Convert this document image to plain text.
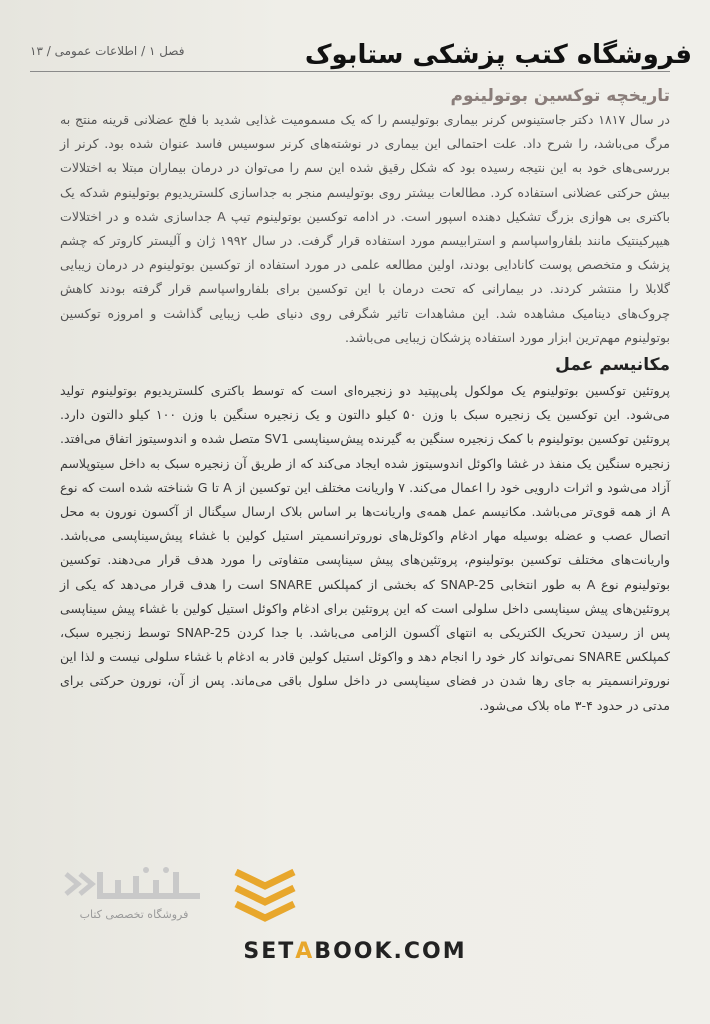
فصل ۱ / اطلاعات عمومی / ۱۳	فروشگاه کتب پزشکی ستابوک
تاریخچه توکسین بوتولینوم
در سال ۱۸۱۷ دکتر جاستینوس کرنر بیماری بوتولیسم را که یک مسمومیت غذایی شدید با فلج عضلانی قرینه منتج به مرگ می‌باشد، را شرح داد. علت احتمالی این بیماری در نوشته‌های کرنر سوسیس فاسد عنوان شده بود. کرنر از بررسی‌های خود به این نتیجه رسیده بود که شکل رقیق شده این سم را می‌توان در درمان بیماران مبتلا به اختلالات بیش حرکتی عضلانی استفاده کرد. مطالعات بیشتر روی بوتولیسم منجر به جداسازی کلستریدیوم بوتولینوم شدکه یک باکتری بی هوازی بزرگ تشکیل دهنده اسپور است. در ادامه توکسین بوتولینوم تیپ A جداسازی شده و در اختلالات هیپرکینتیک مانند بلفارواسپاسم و استرابیسم مورد استفاده قرار گرفت. در سال ۱۹۹۲ ژان و آلیستر کاروتر که چشم پزشک و متخصص پوست کانادایی بودند، اولین مطالعه علمی در مورد استفاده از توکسین بوتولینوم در درمان زیبایی گلابلا را منتشر کردند. در بیمارانی که تحت درمان با این توکسین برای بلفاروا‌سپاسم قرار گرفته بودند کاهش چروک‌های دینامیک مشاهده شد. این مشاهدات تاثیر شگرفی روی دنیای طب زیبایی گذاشت و امروزه توکسین بوتولینوم مهم‌ترین ابزار مورد استفاده پزشکان زیبایی می‌باشد.
مکانیسم عمل
پروتئین توکسین بوتولینوم یک مولکول پلی‌پپتید دو زنجیره‌ای است که توسط باکتری کلستریدیوم بوتولینوم تولید می‌شود. این توکسین یک زنجیره سبک با وزن ۵۰ کیلو دالتون و یک زنجیره سنگین با وزن ۱۰۰ کیلو دالتون دارد. پروتئین توکسین بوتولینوم با کمک زنجیره سنگین به گیرنده پیش‌سیناپسی SV1 متصل شده و اندوسیتوز اتفاق می‌افتد. زنجیره سنگین یک منفذ در غشا واکوئل اندوسیتوز شده ایجاد می‌کند که از طریق آن زنجیره سبک به داخل سیتوپلاسم آزاد می‌شود و اثرات دارویی خود را اعمال می‌کند. ۷ واریانت مختلف این توکسین از A تا G شناخته شده است که نوع A از همه قوی‌تر می‌باشد. مکانیسم عمل همه‌ی واریانت‌ها بر اساس بلاک ارسال سیگنال از آکسون نورون به محل اتصال عصب و عضله بوسیله مهار ادغام واکوئل‌های نوروترانسمیتر استیل کولین با غشاء پیش‌سیناپسی می‌باشد. واریانت‌های مختلف توکسین بوتولینوم، پروتئین‌های پیش سیناپسی متفاوتی را مورد هدف قرار می‌دهند. توکسین بوتولینوم نوع A به طور انتخابی SNAP-25 که بخشی از کمپلکس SNARE است را هدف قرار می‌دهد که یکی از پروتئین‌های پیش سیناپسی داخل سلولی است که این پروتئین برای ادغام واکوئل استیل کولین با غشاء پیش سیناپسی پس از رسیدن تحریک الکتریکی به انتهای آکسون الزامی می‌باشد. با جدا کردن SNAP-25 توسط زنجیره سبک، کمپلکس SNARE نمی‌تواند کار خود را انجام دهد و واکوئل استیل کولین قادر به ادغام با غشاء سلولی نیست و لذا این نوروترانسمیتر به جای رها شدن در فضای سیناپسی در داخل سلول باقی می‌ماند. پس از آن، نورون حرکتی برای مدتی در حدود ۴-۳ ماه بلاک می‌شود.
فروشگاه تخصصی کتاب
SETABOOK.COM
